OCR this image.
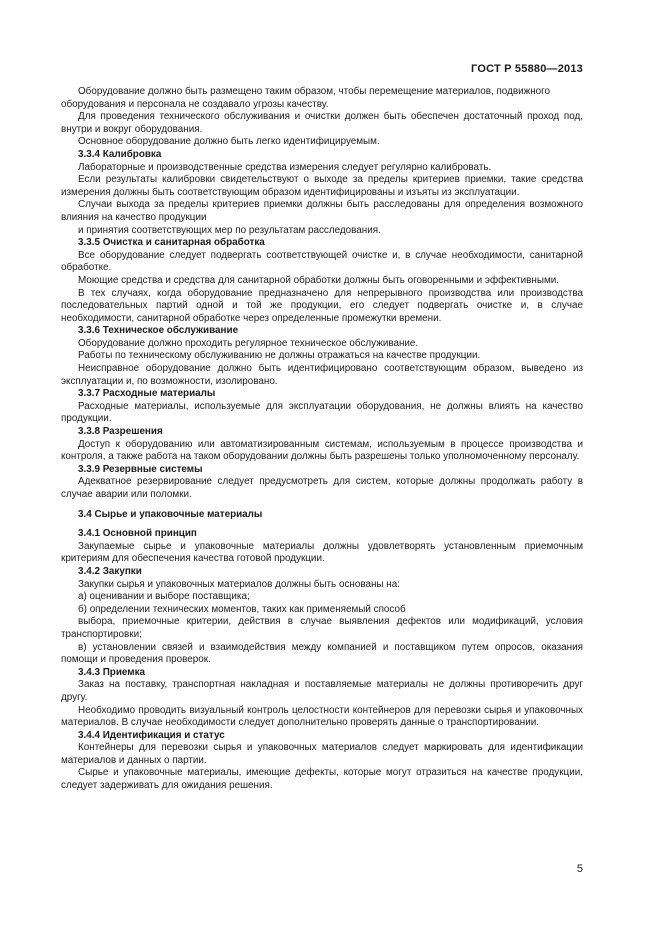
ГОСТ Р 55880—2013

Оборудование должно быть размещено таким образом, чтобы перемещение материалов, подвижного оборудования и персонала не создавало угрозы качеству.

Для проведения технического обслуживания и очистки должен быть обеспечен достаточный проход под, внутри и вокруг оборудования.

Основное оборудование должно быть легко идентифицируемым.

3.3.4 Калибровка

Лабораторные и производственные средства измерения следует регулярно калибровать.

Если результаты калибровки свидетельствуют о выходе за пределы критериев приемки, такие средства измерения должны быть соответствующим образом идентифицированы и изъяты из эксплуатации.

Случаи выхода за пределы критериев приемки должны быть расследованы для определения возможного влияния на качество продукции

и принятия соответствующих мер по результатам расследования.

3.3.5 Очистка и санитарная обработка

Все оборудование следует подвергать соответствующей очистке и, в случае необходимости, санитарной обработке.

Моющие средства и средства для санитарной обработки должны быть оговоренными и эффективными.

В тех случаях, когда оборудование предназначено для непрерывного производства или производства последовательных партий одной и той же продукции, его следует подвергать очистке и, в случае необходимости, санитарной обработке через определенные промежутки времени.

3.3.6 Техническое обслуживание

Оборудование должно проходить регулярное техническое обслуживание.

Работы по техническому обслуживанию не должны отражаться на качестве продукции.

Неисправное оборудование должно быть идентифицировано соответствующим образом, выведено из эксплуатации и, по возможности, изолировано.

3.3.7 Расходные материалы

Расходные материалы, используемые для эксплуатации оборудования, не должны влиять на качество продукции.

3.3.8 Разрешения

Доступ к оборудованию или автоматизированным системам, используемым в процессе производства и контроля, а также работа на таком оборудовании должны быть разрешены только уполномоченному персоналу.

3.3.9 Резервные системы

Адекватное резервирование следует предусмотреть для систем, которые должны продолжать работу в случае аварии или поломки.

3.4 Сырье и упаковочные материалы

3.4.1 Основной принцип

Закупаемые сырье и упаковочные материалы должны удовлетворять установленным приемочным критериям для обеспечения качества готовой продукции.

3.4.2 Закупки

Закупки сырья и упаковочных материалов должны быть основаны на:

а) оценивании и выборе поставщика;

б) определении технических моментов, таких как применяемый способ

выбора, приемочные критерии, действия в случае выявления дефектов или модификаций, условия транспортировки;

в) установлении связей и взаимодействия между компанией и поставщиком путем опросов, оказания помощи и проведения проверок.

3.4.3 Приемка

Заказ на поставку, транспортная накладная и поставляемые материалы не должны противоречить друг другу.

Необходимо проводить визуальный контроль целостности контейнеров для перевозки сырья и упаковочных материалов. В случае необходимости следует дополнительно проверять данные о транспортировании.

3.4.4 Идентификация и статус

Контейнеры для перевозки сырья и упаковочных материалов следует маркировать для идентификации материалов и данных о партии.

Сырье и упаковочные материалы, имеющие дефекты, которые могут отразиться на качестве продукции, следует задерживать для ожидания решения.

5
